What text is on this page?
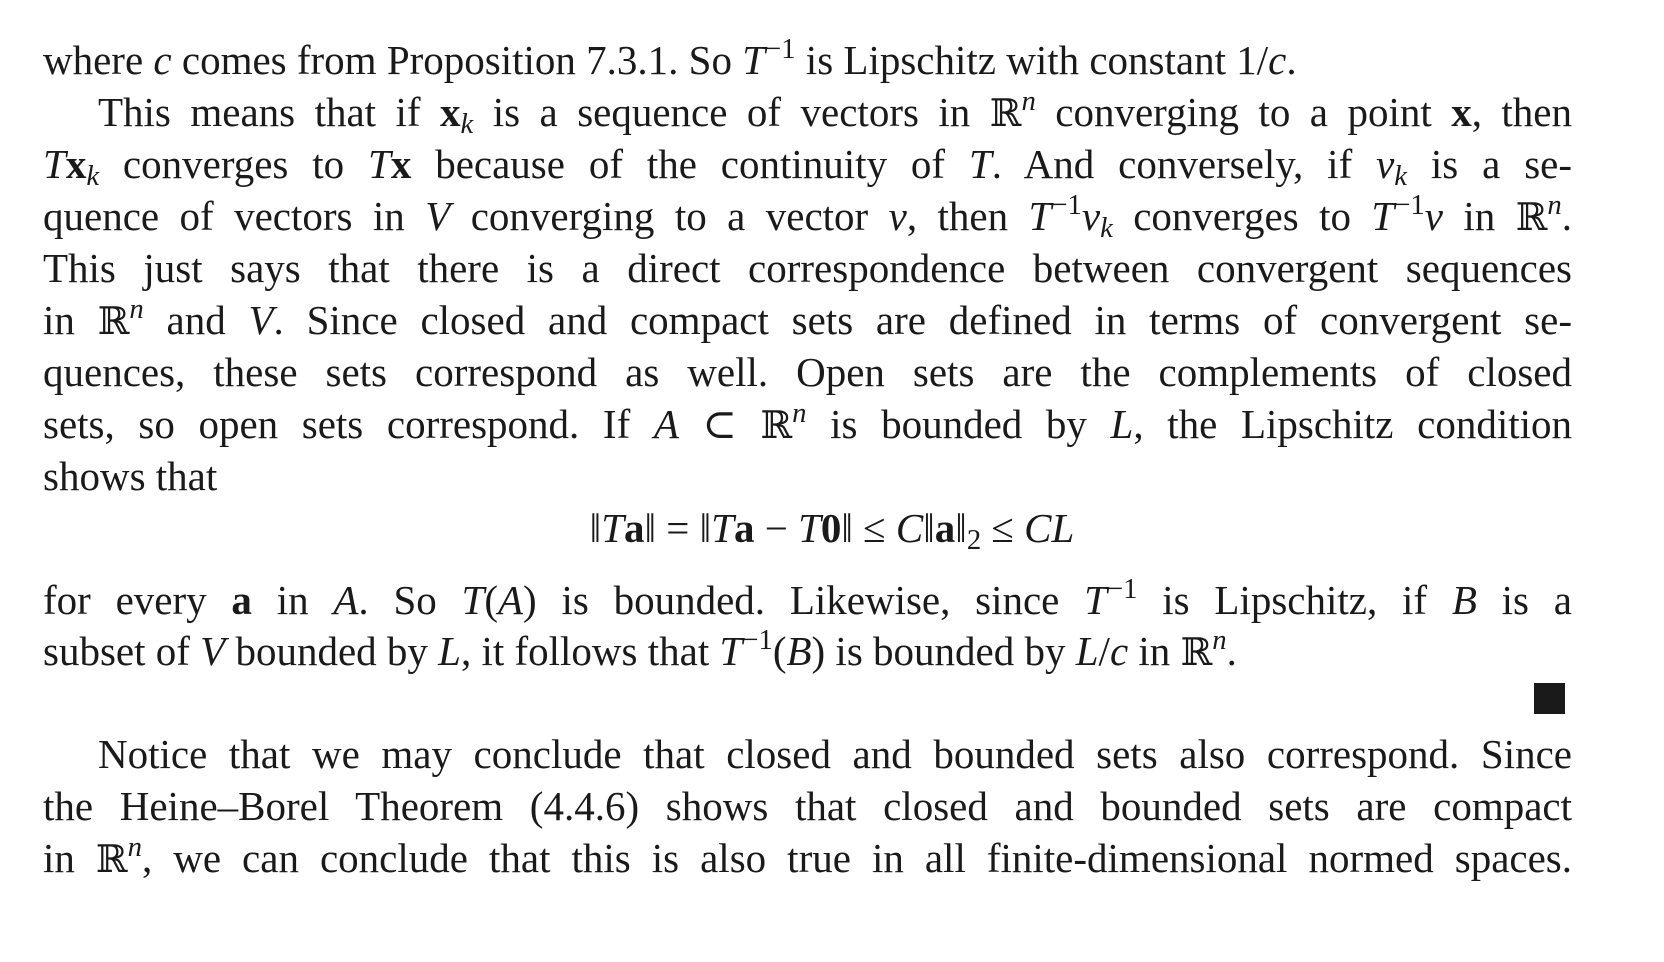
where c comes from Proposition 7.3.1. So $T^{-1}$ is Lipschitz with constant 1/c.
This means that if $x_k$ is a sequence of vectors in ℝ$^n$ converging to a point x, then
$Tx_k$ converges to Tx because of the continuity of T. And conversely, if $v_k$ is a se-
quence of vectors in V converging to a vector v, then $T^{-1}v_k$ converges to $T^{-1}v$ in ℝ$^n$.
This just says that there is a direct correspondence between convergent sequences
in ℝ$^n$ and V. Since closed and compact sets are defined in terms of convergent se-
quences, these sets correspond as well. Open sets are the complements of closed
sets, so open sets correspond. If A ⊂ ℝ$^n$ is bounded by L, the Lipschitz condition
shows that
‖Ta‖ = ‖Ta − T0‖ ≤ $C‖a‖_2$ ≤ CL
for every a in A. So T(A) is bounded. Likewise, since $T^{-1}$ is Lipschitz, if B is a
subset of V bounded by L, it follows that $T^{-1}(B)$ is bounded by L/c in ℝ$^n$.
Notice that we may conclude that closed and bounded sets also correspond. Since
the Heine–Borel Theorem (4.4.6) shows that closed and bounded sets are compact
in ℝ$^n$, we can conclude that this is also true in all finite-dimensional normed spaces.
